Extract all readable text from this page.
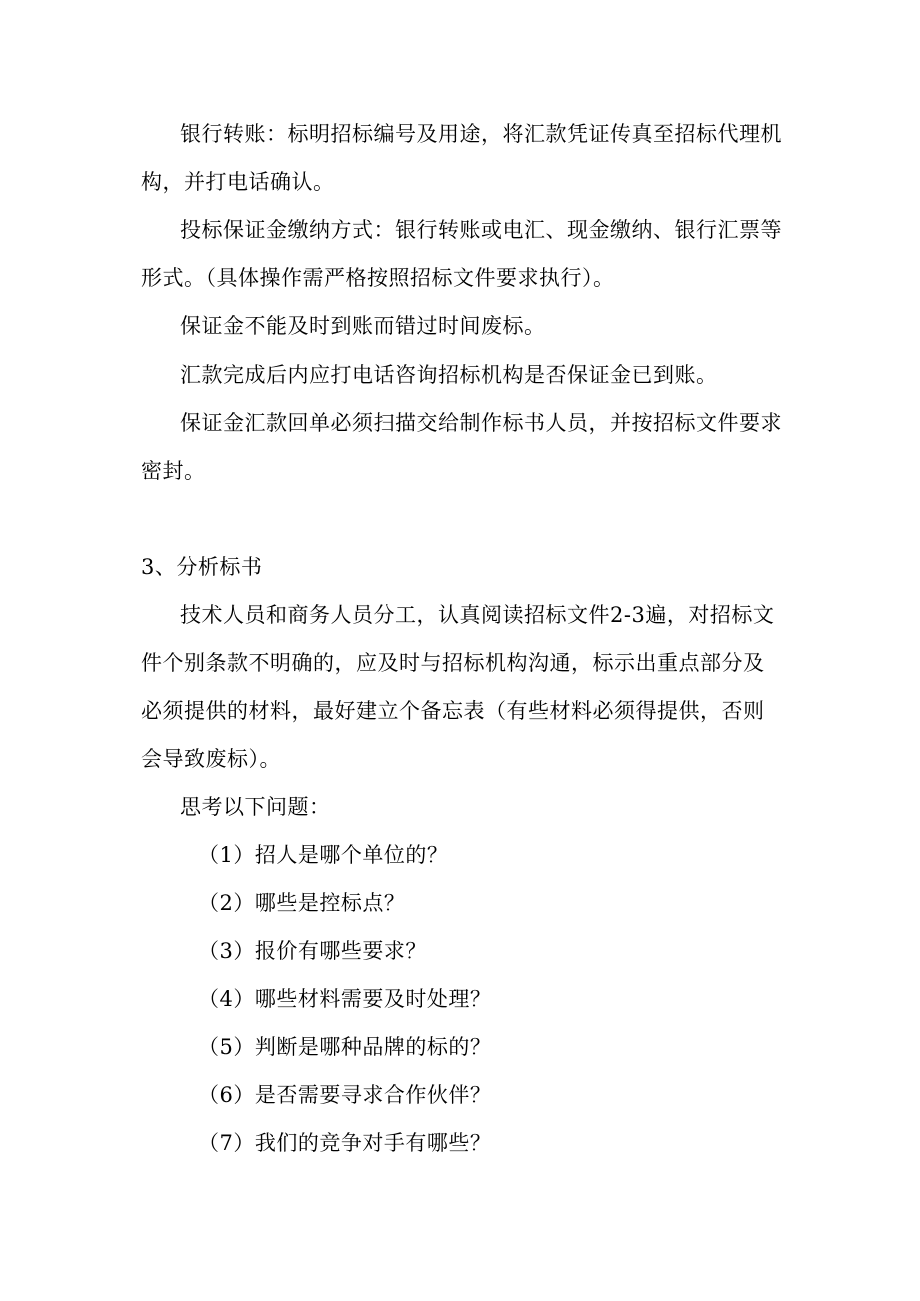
银行转账：标明招标编号及用途，将汇款凭证传真至招标代理机
构，并打电话确认。
投标保证金缴纳方式：银行转账或电汇、现金缴纳、银行汇票等
形式。（具体操作需严格按照招标文件要求执行）。
保证金不能及时到账而错过时间废标。
汇款完成后内应打电话咨询招标机构是否保证金已到账。
保证金汇款回单必须扫描交给制作标书人员，并按招标文件要求
密封。
3、分析标书
技术人员和商务人员分工，认真阅读招标文件2-3遍，对招标文
件个别条款不明确的，应及时与招标机构沟通，标示出重点部分及
必须提供的材料，最好建立个备忘表（有些材料必须得提供，否则
会导致废标）。
思考以下问题：
（1）招人是哪个单位的？
（2）哪些是控标点？
（3）报价有哪些要求？
（4）哪些材料需要及时处理？
（5）判断是哪种品牌的标的？
（6）是否需要寻求合作伙伴？
（7）我们的竞争对手有哪些？
